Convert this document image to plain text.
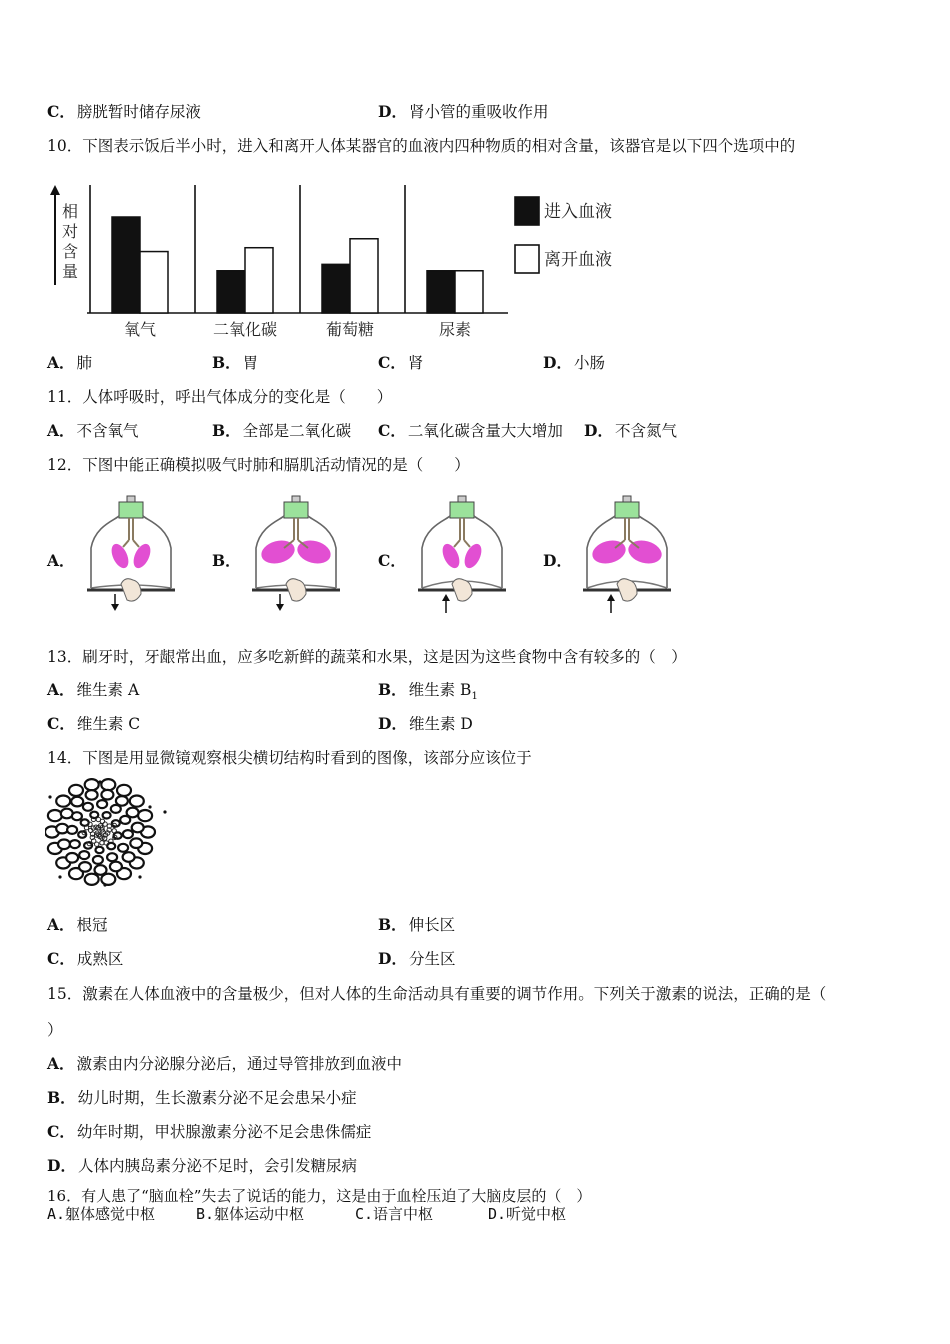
C． 膀胱暂时储存尿液	D． 肾小管的重吸收作用
10．下图表示饭后半小时，进入和离开人体某器官的血液内四种物质的相对含量，该器官是以下四个选项中的
相
对
含
量
氧气	二氧化碳	葡萄糖	尿素
进入血液
离开血液
A． 肺	B． 胃	C． 肾	D． 小肠
11．人体呼吸时，呼出气体成分的变化是（　　）
A． 不含氧气	B． 全部是二氧化碳 C． 二氧化碳含量大大增加 D． 不含氮气
12．下图中能正确模拟吸气时肺和膈肌活动情况的是（　　）
A．	B．	C．	D．
13．刷牙时，牙龈常出血，应多吃新鲜的蔬菜和水果，这是因为这些食物中含有较多的（　）
A． 维生素 A	B． 维生素 $B_1$
C． 维生素 C	D． 维生素 D
14．下图是用显微镜观察根尖横切结构时看到的图像，该部分应该位于
A． 根冠	B． 伸长区
C． 成熟区	D． 分生区
15．激素在人体血液中的含量极少，但对人体的生命活动具有重要的调节作用。下列关于激素的说法，正确的是（
）
A． 激素由内分泌腺分泌后，通过导管排放到血液中
B． 幼儿时期，生长激素分泌不足会患呆小症
C． 幼年时期，甲状腺激素分泌不足会患侏儒症
D． 人体内胰岛素分泌不足时，会引发糖尿病
16．有人患了“脑血栓”失去了说话的能力，这是由于血栓压迫了大脑皮层的（　）
A.躯体感觉中枢	B.躯体运动中枢	C.语言中枢	D.听觉中枢
